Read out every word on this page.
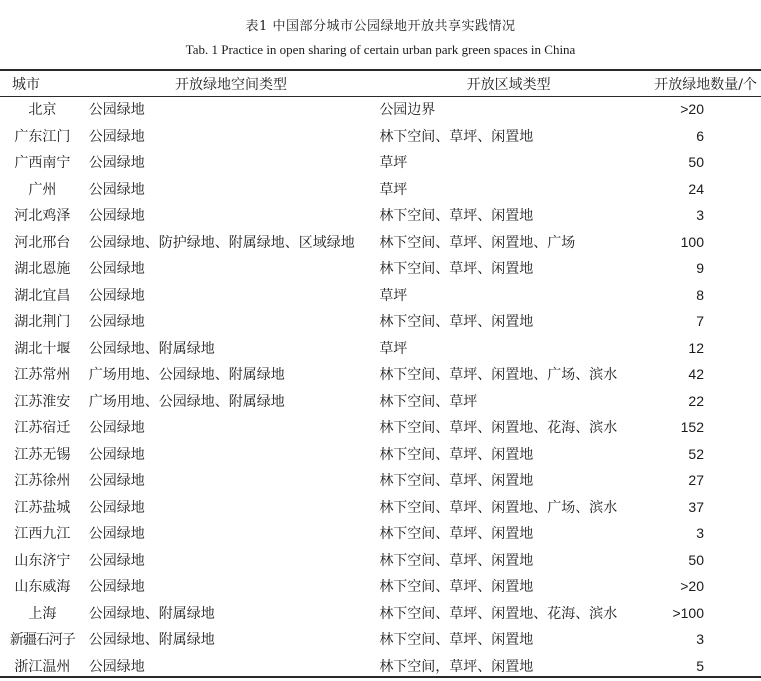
表1 中国部分城市公园绿地开放共享实践情况
Tab. 1 Practice in open sharing of certain urban park green spaces in China
城市	开放绿地空间类型	开放区域类型	开放绿地数量/个
北京	公园绿地	公园边界	>20
广东江门	公园绿地	林下空间、草坪、闲置地	6
广西南宁	公园绿地	草坪	50
广州	公园绿地	草坪	24
河北鸡泽	公园绿地	林下空间、草坪、闲置地	3
河北邢台	公园绿地、防护绿地、附属绿地、区域绿地	林下空间、草坪、闲置地、广场	100
湖北恩施	公园绿地	林下空间、草坪、闲置地	9
湖北宜昌	公园绿地	草坪	8
湖北荆门	公园绿地	林下空间、草坪、闲置地	7
湖北十堰	公园绿地、附属绿地	草坪	12
江苏常州	广场用地、公园绿地、附属绿地	林下空间、草坪、闲置地、广场、滨水	42
江苏淮安	广场用地、公园绿地、附属绿地	林下空间、草坪	22
江苏宿迁	公园绿地	林下空间、草坪、闲置地、花海、滨水	152
江苏无锡	公园绿地	林下空间、草坪、闲置地	52
江苏徐州	公园绿地	林下空间、草坪、闲置地	27
江苏盐城	公园绿地	林下空间、草坪、闲置地、广场、滨水	37
江西九江	公园绿地	林下空间、草坪、闲置地	3
山东济宁	公园绿地	林下空间、草坪、闲置地	50
山东威海	公园绿地	林下空间、草坪、闲置地	>20
上海	公园绿地、附属绿地	林下空间、草坪、闲置地、花海、滨水	>100
新疆石河子	公园绿地、附属绿地	林下空间、草坪、闲置地	3
浙江温州	公园绿地	林下空间，草坪、闲置地	5
